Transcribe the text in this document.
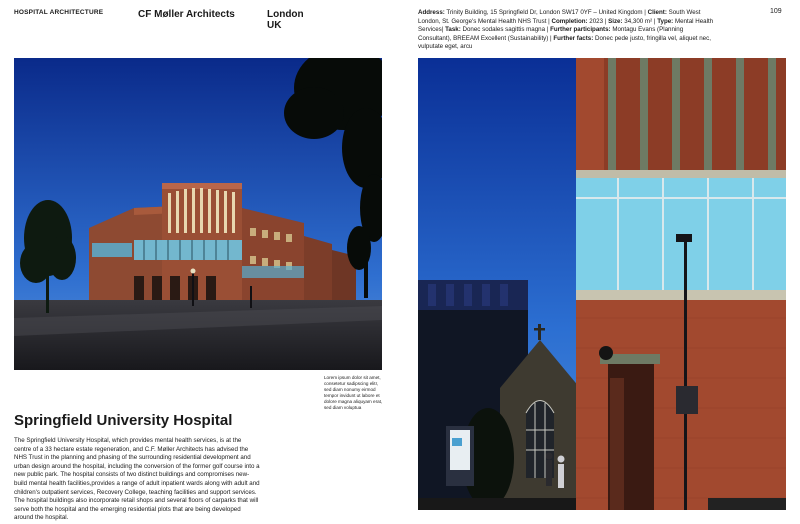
HOSPITAL ARCHITECTURE	CF Møller Architects	London
UK
Address: Trinity Building, 15 Springfield Dr, London SW17 0YF – United Kingdom | Client: South West London, St. George's Mental Health NHS Trust | Completion: 2023 | Size: 34,300 m² | Type: Mental Health Services| Task: Donec sodales sagittis magna | Further participants: Montagu Evans (Planning Consultant), BREEAM Excellent (Sustainability) | Further facts: Donec pede justo, fringilla vel, aliquet nec, vulputate eget, arcu
109
Lorem ipsum dolor sit amet, consetetur sadipscing elitr, sed diam nonumy eirmod tempor invidunt ut labore et dolore magna aliquyam erat, sed diam voluptua
Springfield University Hospital

The Springfield University Hospital, which provides mental health services, is at the centre of a 33 hectare estate regeneration, and C.F. Møller Architects has advised the NHS Trust in the planning and phasing of the surrounding residential development and urban design around the hospital, including the conversion of the former golf course into a new public park. The hospital consists of two distinct buildings and compromises new-build mental health facilities,provides a range of adult inpatient wards along with adult and children's outpatient services, Recovery College, teaching facilities and support services. The hospital buildings also incorporate retail shops and several floors of carparks that will serve both the hospital and the emerging residential plots that are being developed around the hospital.
